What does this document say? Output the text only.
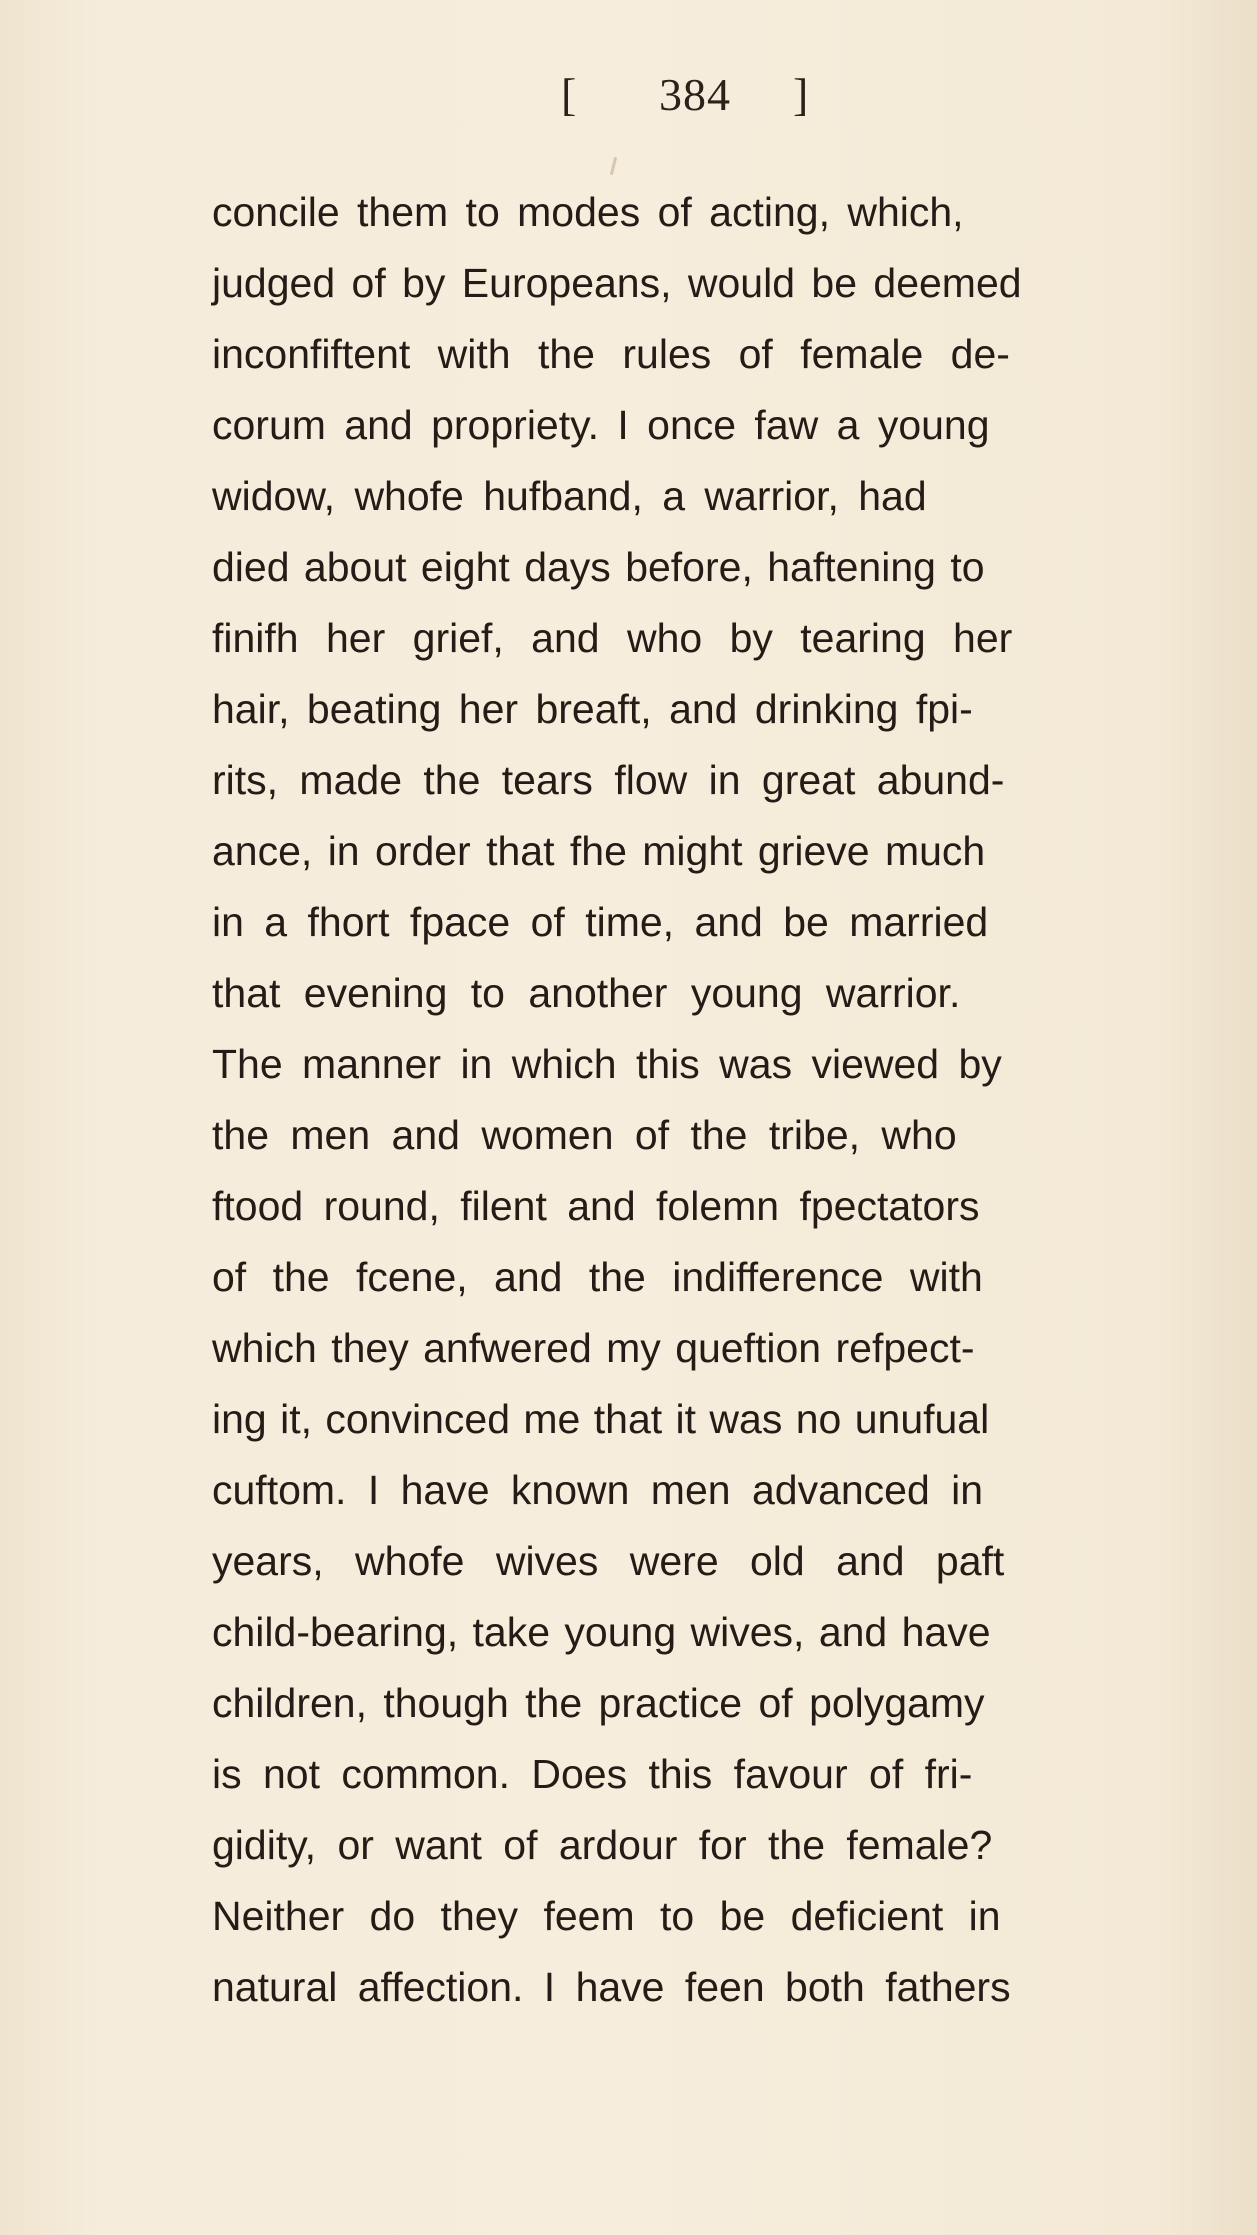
[ 384 ]
concile them to modes of acting, which,
judged of by Europeans, would be deemed
inconfiftent with the rules of female de-
corum and propriety. I once faw a young
widow, whofe hufband, a warrior, had
died about eight days before, haftening to
finifh her grief, and who by tearing her
hair, beating her breaft, and drinking fpi-
rits, made the tears flow in great abund-
ance, in order that fhe might grieve much
in a fhort fpace of time, and be married
that evening to another young warrior.
The manner in which this was viewed by
the men and women of the tribe, who
ftood round, filent and folemn fpectators
of the fcene, and the indifference with
which they anfwered my queftion refpect-
ing it, convinced me that it was no unufual
cuftom. I have known men advanced in
years, whofe wives were old and paft
child-bearing, take young wives, and have
children, though the practice of polygamy
is not common. Does this favour of fri-
gidity, or want of ardour for the female?
Neither do they feem to be deficient in
natural affection. I have feen both fathers
